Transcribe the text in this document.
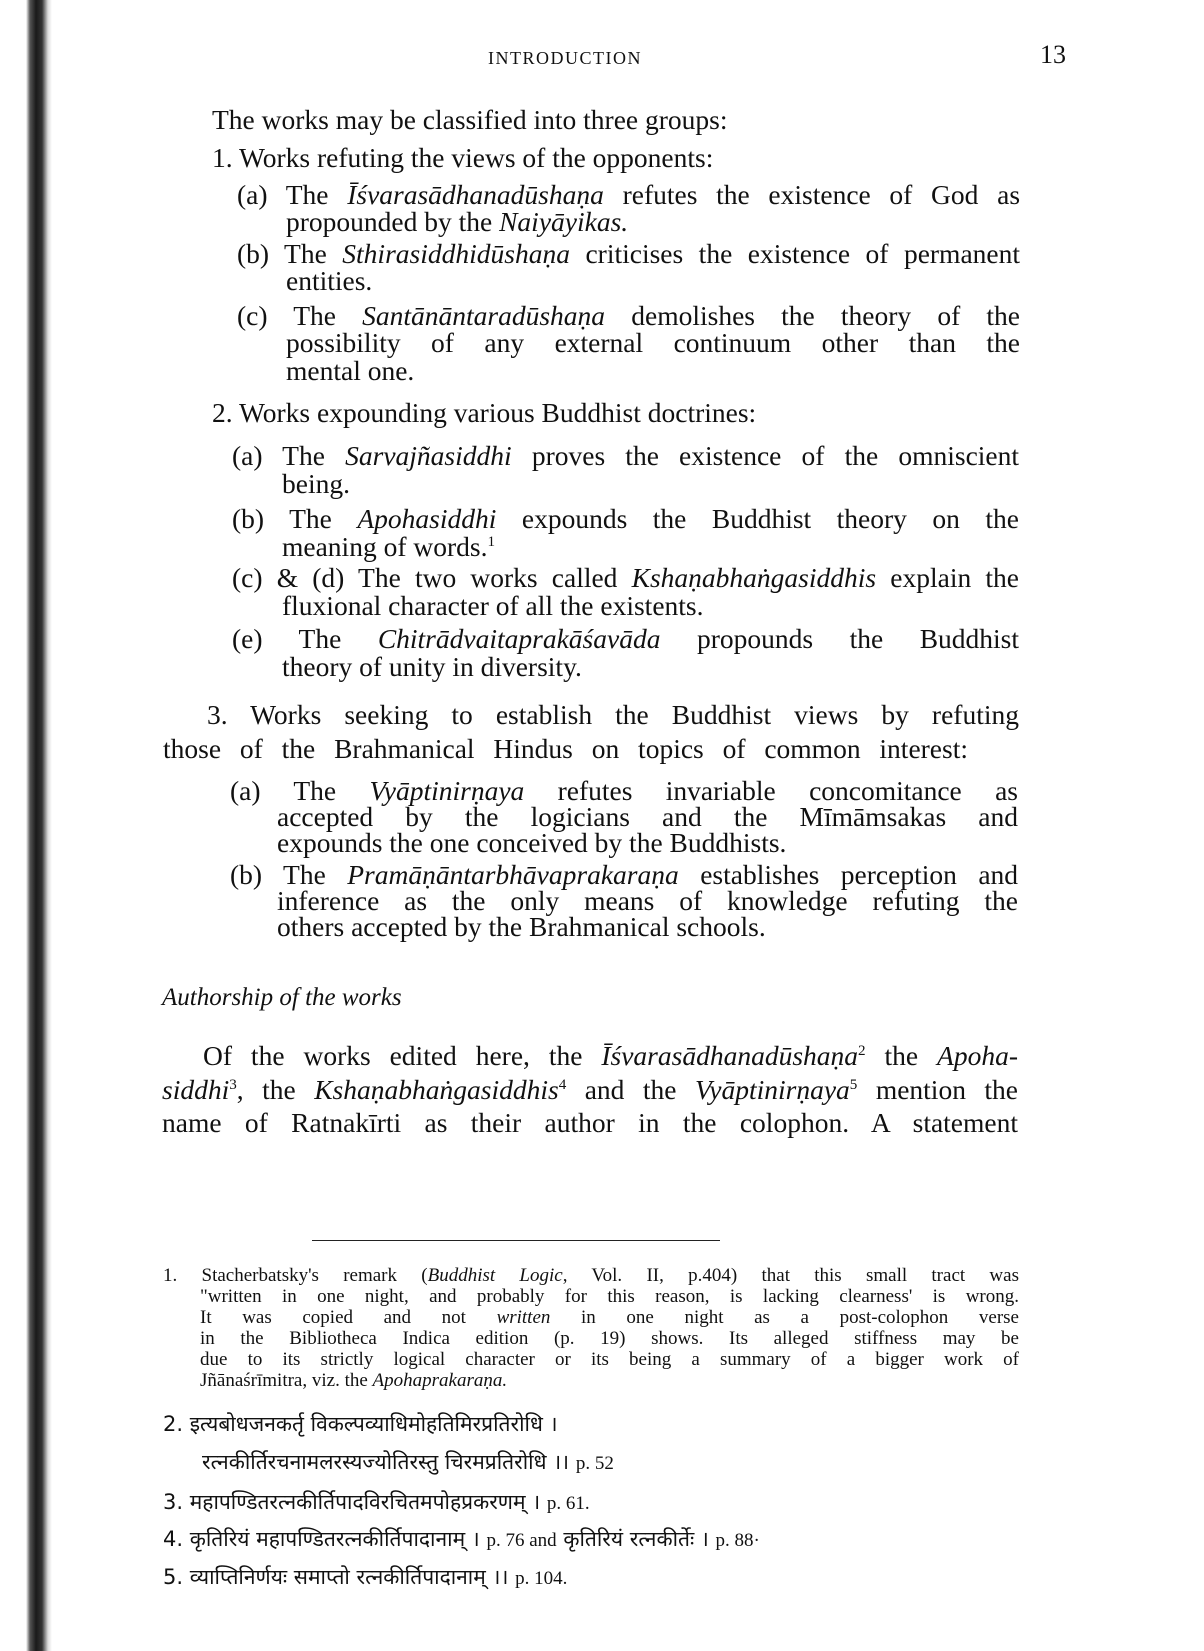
INTRODUCTION	13
The works may be classified into three groups:
1. Works refuting the views of the opponents:
(a) The Īśvarasādhanadūshaṇa refutes the existence of God as
propounded by the Naiyāyikas.
(b) The Sthirasiddhidūshaṇa criticises the existence of permanent
entities.
(c) The Santānāntaradūshaṇa demolishes the theory of the
possibility of any external continuum other than the
mental one.
2. Works expounding various Buddhist doctrines:
(a) The Sarvajñasiddhi proves the existence of the omniscient
being.
(b) The Apohasiddhi expounds the Buddhist theory on the
meaning of words.$^1$
(c) & (d) The two works called Kshaṇabhaṅgasiddhis explain the
fluxional character of all the existents.
(e) The Chitrādvaitaprakāśavāda propounds the Buddhist
theory of unity in diversity.
3. Works seeking to establish the Buddhist views by refuting
those of the Brahmanical Hindus on topics of common interest:
(a) The Vyāptinirṇaya refutes invariable concomitance as
accepted by the logicians and the Mīmāmsakas and
expounds the one conceived by the Buddhists.
(b) The Pramāṇāntarbhāvaprakaraṇa establishes perception and
inference as the only means of knowledge refuting the
others accepted by the Brahmanical schools.
Authorship of the works
Of the works edited here, the Īśvarasādhanadūshaṇa$^2$ the Apoha-
siddhi$^3$, the Kshaṇabhaṅgasiddhis$^4$ and the Vyāptinirṇaya$^5$ mention the
name of Ratnakīrti as their author in the colophon. A statement
1. Stacherbatsky's remark (Buddhist Logic, Vol. II, p.404) that this small tract was
"written in one night, and probably for this reason, is lacking clearness' is wrong.
It was copied and not written in one night as a post-colophon verse
in the Bibliotheca Indica edition (p. 19) shows. Its alleged stiffness may be
due to its strictly logical character or its being a summary of a bigger work of
Jñānaśrīmitra, viz. the Apohaprakaraṇa.
2. इत्यबोधजनकर्तृ विकल्पव्याधिमोहतिमिरप्रतिरोधि ।
रत्नकीर्तिरचनामलरस्यज्योतिरस्तु चिरमप्रतिरोधि ।। p. 52
3. महापण्डितरत्नकीर्तिपादविरचितमपोहप्रकरणम् । p. 61.
4. कृतिरियं महापण्डितरत्नकीर्तिपादानाम् । p. 76 and कृतिरियं रत्नकीर्तेः । p. 88·
5. व्याप्तिनिर्णयः समाप्तो रत्नकीर्तिपादानाम् ।। p. 104.
